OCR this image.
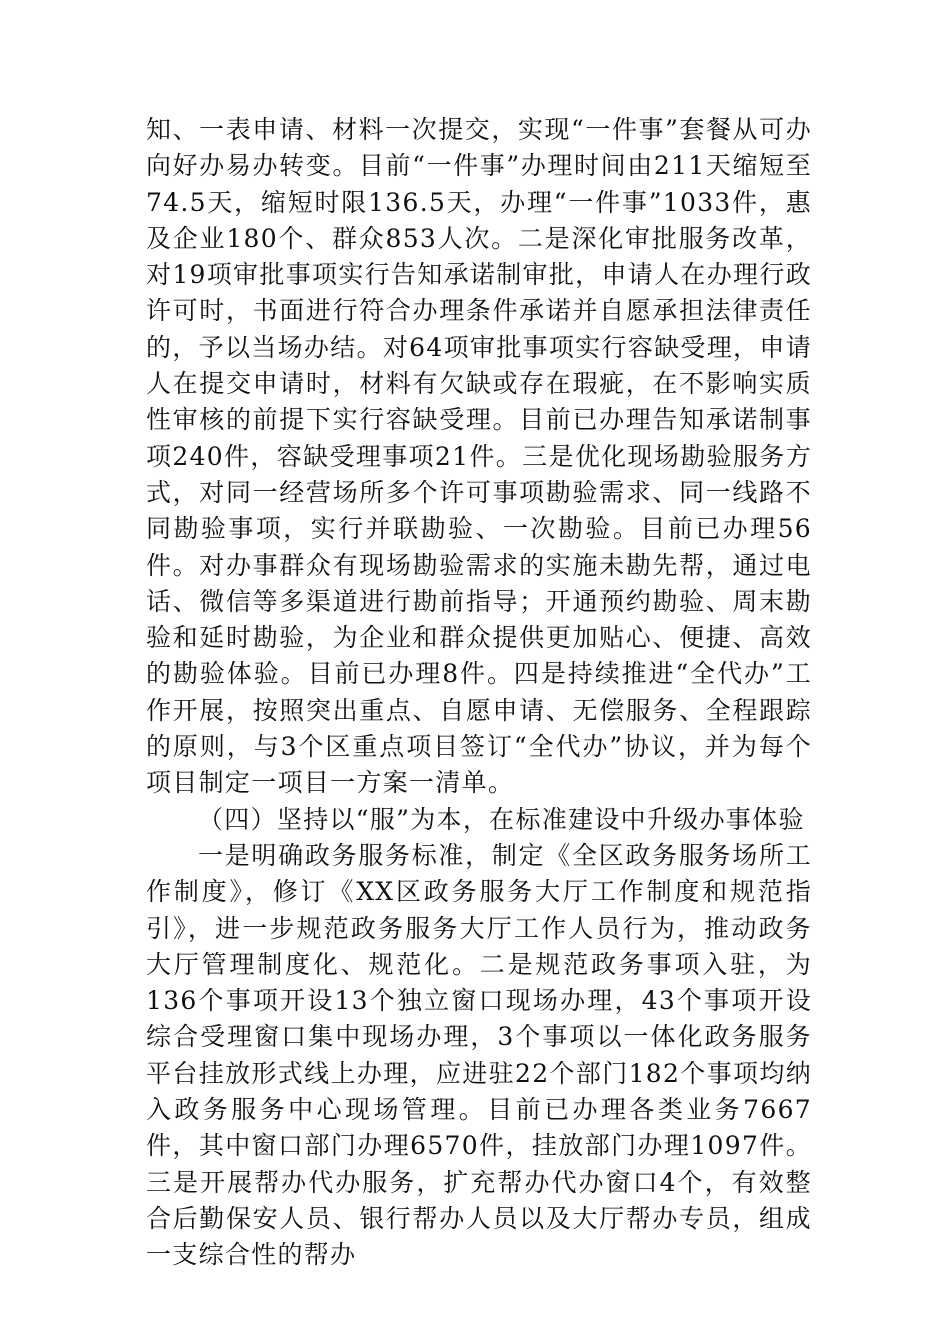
知、一表申请、材料一次提交，实现“一件事”套餐从可办向好办易办转变。目前“一件事”办理时间由211天缩短至74.5天，缩短时限136.5天，办理“一件事”1033件，惠及企业180个、群众853人次。二是深化审批服务改革，对19项审批事项实行告知承诺制审批，申请人在办理行政许可时，书面进行符合办理条件承诺并自愿承担法律责任的，予以当场办结。对64项审批事项实行容缺受理，申请人在提交申请时，材料有欠缺或存在瑕疵，在不影响实质性审核的前提下实行容缺受理。目前已办理告知承诺制事项240件，容缺受理事项21件。三是优化现场勘验服务方式，对同一经营场所多个许可事项勘验需求、同一线路不同勘验事项，实行并联勘验、一次勘验。目前已办理56件。对办事群众有现场勘验需求的实施未勘先帮，通过电话、微信等多渠道进行勘前指导；开通预约勘验、周末勘验和延时勘验，为企业和群众提供更加贴心、便捷、高效的勘验体验。目前已办理8件。四是持续推进“全代办”工作开展，按照突出重点、自愿申请、无偿服务、全程跟踪的原则，与3个区重点项目签订“全代办”协议，并为每个项目制定一项目一方案一清单。

（四）坚持以“服”为本，在标准建设中升级办事体验

一是明确政务服务标准，制定《全区政务服务场所工作制度》，修订《XX区政务服务大厅工作制度和规范指引》，进一步规范政务服务大厅工作人员行为，推动政务大厅管理制度化、规范化。二是规范政务事项入驻，为136个事项开设13个独立窗口现场办理，43个事项开设综合受理窗口集中现场办理，3个事项以一体化政务服务平台挂放形式线上办理，应进驻22个部门182个事项均纳入政务服务中心现场管理。目前已办理各类业务7667件，其中窗口部门办理6570件，挂放部门办理1097件。三是开展帮办代办服务，扩充帮办代办窗口4个，有效整合后勤保安人员、银行帮办人员以及大厅帮办专员，组成一支综合性的帮办
